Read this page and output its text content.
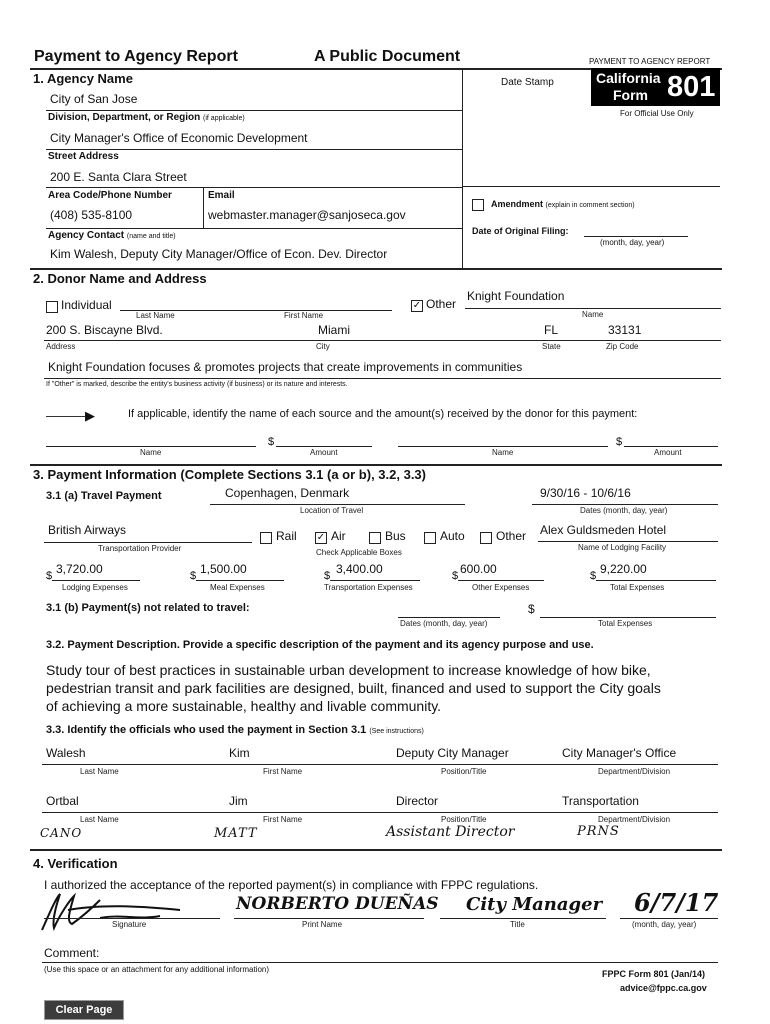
Payment to Agency Report	A Public Document	PAYMENT TO AGENCY REPORT
1. Agency Name
City of San Jose
Division, Department, or Region (if applicable)
City Manager's Office of Economic Development
Street Address
200 E. Santa Clara Street
Area Code/Phone Number	Email
(408) 535-8100	webmaster.manager@sanjoseca.gov
Agency Contact (name and title)
Kim Walesh, Deputy City Manager/Office of Econ. Dev. Director
Date Stamp	California
Form 801
For Official Use Only
Amendment (explain in comment section)
Date of Original Filing:
(month, day, year)
2. Donor Name and Address
Individual
Last Name	First Name
✓ Other
Knight Foundation
Name
200 S. Biscayne Blvd.	Miami	FL	33131
Address	City	State	Zip Code
Knight Foundation focuses & promotes projects that create improvements in communities
If "Other" is marked, describe the entity's business activity (if business) or its nature and interests.
———▶	If applicable, identify the name of each source and the amount(s) received by the donor for this payment:
$	$
Name	Amount	Name	Amount
3. Payment Information (Complete Sections 3.1 (a or b), 3.2, 3.3)
3.1 (a) Travel Payment	Copenhagen, Denmark
Location of Travel
9/30/16 - 10/6/16
Dates (month, day, year)
British Airways
Transportation Provider
Rail ✓ Air	Bus	Auto	Other
Check Applicable Boxes
Alex Guldsmeden Hotel
Name of Lodging Facility
$ 3,720.00
Lodging Expenses
$ 1,500.00
Meal Expenses
$ 3,400.00
Transportation Expenses
$ 600.00
Other Expenses
$ 9,220.00
Total Expenses
3.1 (b) Payment(s) not related to travel:
Dates (month, day, year)
$
Total Expenses
3.2. Payment Description. Provide a specific description of the payment and its agency purpose and use.
Study tour of best practices in sustainable urban development to increase knowledge of how bike,
pedestrian transit and park facilities are designed, built, financed and used to support the City goals
of achieving a more sustainable, healthy and livable community.
3.3. Identify the officials who used the payment in Section 3.1 (See instructions)
Walesh	Kim	Deputy City Manager	City Manager's Office
Last Name	First Name	Position/Title	Department/Division
Ortbal	Jim	Director	Transportation
Last Name	First Name	Position/Title	Department/Division
CANO	MATT	Assistant Director	PRNS
4. Verification
I authorized the acceptance of the reported payment(s) in compliance with FPPC regulations.
Signature
NORBERTO DUEÑAS
Print Name
City Manager
Title
6/7/17
(month, day, year)
Comment:
(Use this space or an attachment for any additional information)	FPPC Form 801 (Jan/14)
advice@fppc.ca.gov
Clear Page
